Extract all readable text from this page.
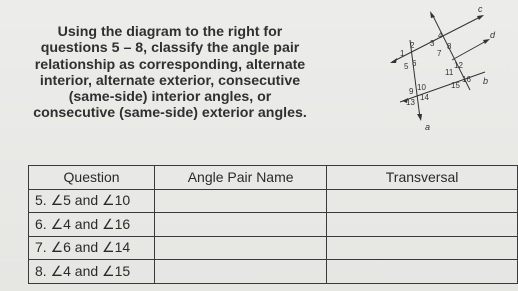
Using the diagram to the right for
questions 5 – 8, classify the angle pair
relationship as corresponding, alternate
interior, alternate exterior, consecutive
(same-side) interior angles, or
consecutive (same-side) exterior angles.
c
d
b
a
1
2 3
4
5 6
7
8
9 10
11
12
13
14
15
16
Question	Angle Pair Name	Transversal
5. ∠5 and ∠10		
6. ∠4 and ∠16		
7. ∠6 and ∠14		
8. ∠4 and ∠15		
